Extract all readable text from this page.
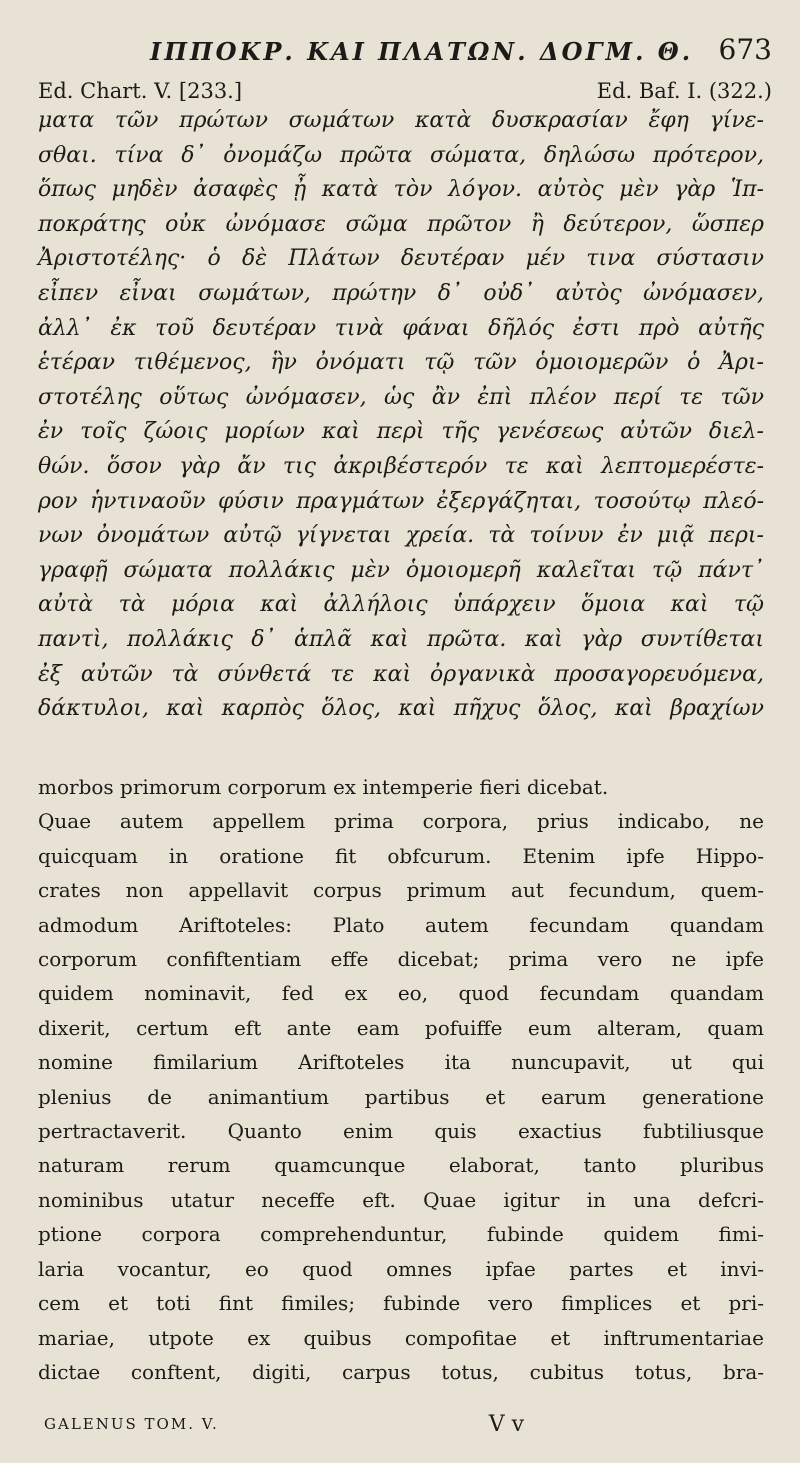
ΙΠΠΟΚΡ. ΚΑΙ ΠΛΑΤΩΝ. ΔΟΓΜ. Θ. 673
Ed. Chart. V. [233.]	Ed. Baf. I. (322.)
ματα τῶν πρώτων σωμάτων κατὰ δυσκρασίαν ἔφη γίνε-
σθαι. τίνα δ᾽ ὀνομάζω πρῶτα σώματα, δηλώσω πρότερον,
ὅπως μηδὲν ἀσαφὲς ᾖ κατὰ τὸν λόγον. αὐτὸς μὲν γὰρ Ἱπ-
ποκράτης οὐκ ὠνόμασε σῶμα πρῶτον ἢ δεύτερον, ὥσπερ
Ἀριστοτέλης· ὁ δὲ Πλάτων δευτέραν μέν τινα σύστασιν
εἶπεν εἶναι σωμάτων, πρώτην δ᾽ οὐδ᾽ αὐτὸς ὠνόμασεν,
ἀλλ᾽ ἐκ τοῦ δευτέραν τινὰ φάναι δῆλός ἐστι πρὸ αὐτῆς
ἑτέραν τιθέμενος, ἣν ὀνόματι τῷ τῶν ὁμοιομερῶν ὁ Ἀρι-
στοτέλης οὕτως ὠνόμασεν, ὡς ἂν ἐπὶ πλέον περί τε τῶν
ἐν τοῖς ζώοις μορίων καὶ περὶ τῆς γενέσεως αὐτῶν διελ-
θών. ὅσον γὰρ ἄν τις ἀκριβέστερόν τε καὶ λεπτομερέστε-
ρον ἡντιναοῦν φύσιν πραγμάτων ἐξεργάζηται, τοσούτῳ πλεό-
νων ὀνομάτων αὐτῷ γίγνεται χρεία. τὰ τοίνυν ἐν μιᾷ περι-
γραφῇ σώματα πολλάκις μὲν ὁμοιομερῆ καλεῖται τῷ πάντ᾽
αὐτὰ τὰ μόρια καὶ ἀλλήλοις ὑπάρχειν ὅμοια καὶ τῷ
παντὶ, πολλάκις δ᾽ ἁπλᾶ καὶ πρῶτα. καὶ γὰρ συντίθεται
ἐξ αὐτῶν τὰ σύνθετά τε καὶ ὀργανικὰ προσαγορευόμενα,
δάκτυλοι, καὶ καρπὸς ὅλος, καὶ πῆχυς ὅλος, καὶ βραχίων
morbos primorum corporum ex intemperie fieri dicebat.
Quae autem appellem prima corpora, prius indicabo, ne
quicquam in oratione fit obfcurum. Etenim ipfe Hippo-
crates non appellavit corpus primum aut fecundum, quem-
admodum Ariftoteles: Plato autem fecundam quandam
corporum confiftentiam effe dicebat; prima vero ne ipfe
quidem nominavit, fed ex eo, quod fecundam quandam
dixerit, certum eft ante eam pofuiffe eum alteram, quam
nomine fimilarium Ariftoteles ita nuncupavit, ut qui
plenius de animantium partibus et earum generatione
pertractaverit. Quanto enim quis exactius fubtiliusque
naturam rerum quamcunque elaborat, tanto pluribus
nominibus utatur neceffe eft. Quae igitur in una defcri-
ptione corpora comprehenduntur, fubinde quidem fimi-
laria vocantur, eo quod omnes ipfae partes et invi-
cem et toti fint fimiles; fubinde vero fimplices et pri-
mariae, utpote ex quibus compofitae et inftrumentariae
dictae conftent, digiti, carpus totus, cubitus totus, bra-
GALENUS TOM. V.	V v
